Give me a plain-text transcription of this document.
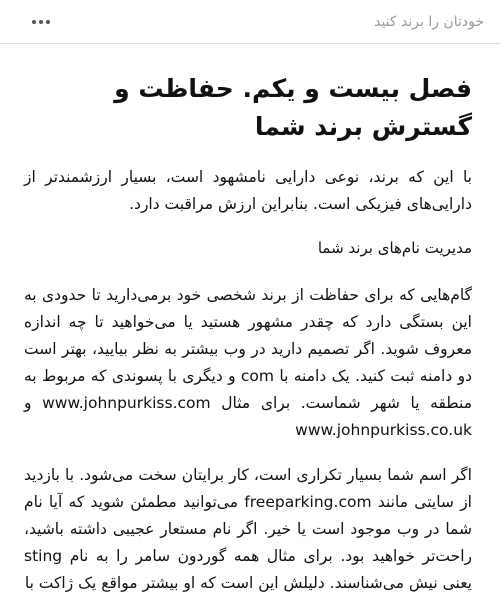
خودتان را برند کنید
فصل بیست و یکم. حفاظت و گسترش برند شما

با این که برند، نوعی دارایی نامشهود است، بسیار ارزشمندتر از دارایی‌های فیزیکی است. بنابراین ارزش مراقبت دارد.

مدیریت نام‌های برند شما

گام‌هایی که برای حفاظت از برند شخصی خود برمی‌دارید تا حدودی به این بستگی دارد که چقدر مشهور هستید یا می‌خواهید تا چه اندازه معروف شوید. اگر تصمیم دارید در وب بیشتر به نظر بیایید، بهتر است دو دامنه ثبت کنید. یک دامنه با com و دیگری با پسوندی که مربوط به منطقه یا شهر شماست. برای مثال www.johnpurkiss.com و www.johnpurkiss.co.uk

اگر اسم شما بسیار تکراری است، کار برایتان سخت می‌شود. با بازدید از سایتی مانند freeparking.com می‌توانید مطمئن شوید که آیا نام شما در وب موجود است یا خیر. اگر نام مستعار عجیبی داشته باشید، راحت‌تر خواهید بود. برای مثال همه گوردون سامر را به نام sting یعنی نیش می‌شناسند. دلیلش این است که او بیشتر مواقع یک ژاکت با
